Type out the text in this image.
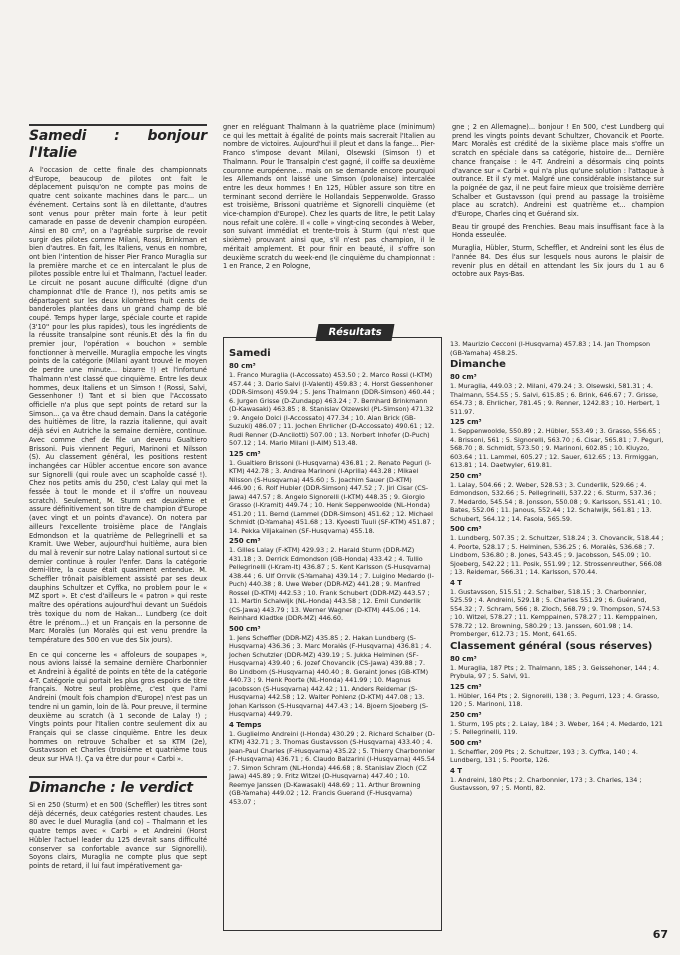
gner en reléguant Thalmann à la quatrième place (minimum) ce qui les mettait à égalité de points mais sacrerait l'Italien au nombre de victoires. Aujourd'hui il pleut et dans la fange... Pier-Franco s'impose devant Milani, Olsewski (Simson !) et Thalmann. Pour le Transalpin c'est gagné, il coiffe sa deuxième couronne européenne... mais on se demande encore pourquoi les Allemands ont laissé une Simson (polonaise) intercalée entre les deux hommes ! En 125, Hübler assure son titre en terminant second derrière le Hollandais Seppenwolde. Grasso est troisième, Brissoni quatrième et Signorelli cinquième (et vice-champion d'Europe). Chez les quarts de litre, le petit Lalay nous refait une colère. Il « colle » vingt-cinq secondes à Weber, son suivant immédiat et trente-trois à Sturm (qui n'est que sixième) prouvant ainsi que, s'il n'est pas champion, il le méritait amplement. Et pour finir en beauté, il s'offre son deuxième scratch du week-end (le cinquième du championnat : 1 en France, 2 en Pologne,

gne ; 2 en Allemagne)... bonjour ! En 500, c'est Lundberg qui prend les vingts points devant Schultzer, Chovancik et Poorte. Marc Moralès est crédité de la sixième place mais s'offre un scratch en spéciale dans sa catégorie, histoire de... Dernière chance française : le 4-T. Andreini a désormais cinq points d'avance sur « Carbi » qui n'a plus qu'une solution : l'attaque à outrance. Et il s'y met. Malgré une considérable insistance sur la poignée de gaz, il ne peut faire mieux que troisième derrière Schalber et Gustavsson (qui prend au passage la troisième place au scratch). Andreini est quatrième et... champion d'Europe, Charles cinq et Guérand six.

Beau tir groupé des Frenchies. Beau mais insuffisant face à la Honda esseulée.

Muraglia, Hübler, Sturm, Scheffler, et Andreini sont les élus de l'année 84. Des élus sur lesquels nous aurons le plaisir de revenir plus en détail en attendant les Six jours du 1 au 6 octobre aux Pays-Bas.

Samedi : bonjour l'Italie

A l'occasion de cette finale des championnats d'Europe, beaucoup de pilotes ont fait le déplacement puisqu'on ne compte pas moins de quatre cent soixante machines dans le parc... un événement. Certains sont là en dilettante, d'autres sont venus pour prêter main forte à leur petit camarade en passe de devenir champion européen. Ainsi en 80 cm³, on a l'agréable surprise de revoir surgir des pilotes comme Milani, Rossi, Brinkman et bien d'autres. En fait, les Italiens, venus en nombre, ont bien l'intention de hisser Pier Franco Muraglia sur la première marche et ce en intercalant le plus de pilotes possible entre lui et Thalmann, l'actuel leader. Le circuit ne posant aucune difficulté (digne d'un championnat d'Ile de France !), nos petits amis se départagent sur les deux kilomètres huit cents de banderoles plantées dans un grand champ de blé coupé. Temps hyper large, spéciale courte et rapide (3'10'' pour les plus rapides), tous les ingrédients de la réussite transalpine sont réunis.Et dès la fin du premier jour, l'opération « bouchon » semble fonctionner à merveille. Muraglia empoche les vingts points de la catégorie (Milani ayant trouvé le moyen de perdre une minute... bizarre !) et l'infortuné Thalmann n'est classé que cinquième. Entre les deux hommes, deux Italiens et un Simson ! (Rossi, Salvi, Gessenhoner !) Tant et si bien que l'Accossato officielle n'a plus que sept points de retard sur la Simson... ça va être chaud demain. Dans la catégorie des huitièmes de litre, la razzia italienne, qui avait déjà sévi en Autriche la semaine dernière, continue. Avec comme chef de file un devenu Gualtiero Brissoni. Puis viennent Peguri, Marinoni et Nilsson (S). Au classement général, les positions restent inchangées car Hübler accentue encore son avance sur Signorelli (qui roule avec un scaphoïde cassé !). Chez nos petits amis du 250, c'est Lalay qui met la fessée à tout le monde et il s'offre un nouveau scratch). Seulement, M. Sturm est deuxième et assure définitivement son titre de champion d'Europe (avec vingt et un points d'avance). On notera par ailleurs l'excellente troisième place de l'Anglais Edmondson et la quatrième de Pellegrinelli et sa Kramit. Uwe Weber, aujourd'hui huitième, aura bien du mal à revenir sur notre Lalay national surtout si ce dernier continue à rouler l'enfer. Dans la catégorie demi-litre, la cause était quasiment entendue. M. Scheffler trônait paisiblement assisté par ses deux dauphins Schultzer et Cyffka, no problem pour le « MZ sport ». Et c'est d'ailleurs le « patron » qui reste maître des opérations aujourd'hui devant un Suédois très toxique du nom de Hakan... Lundberg (ce doit être le prénom...) et un Français en la personne de Marc Moralès (un Moralès qui est venu prendre la température des 500 en vue des Six jours).

En ce qui concerne les « affoleurs de soupapes », nous avions laissé la semaine dernière Charbonnier et Andreini à égalité de points en tête de la catégorie 4-T. Catégorie qui portait les plus gros espoirs de titre français. Notre seul problème, c'est que l'ami Andreini (moult fois champion d'Europe) n'est pas un tendre ni un gamin, loin de là. Pour preuve, il termine deuxième au scratch (à 1 seconde de Lalay !) ; Vingts points pour l'Italien contre seulement dix au Français qui se classe cinquième. Entre les deux hommes on retrouve Schalber et sa KTM (2e), Gustavsson et Charles (troisième et quatrième tous deux sur HVA !). Ça va être dur pour « Carbi ».

Dimanche : le verdict

Si en 250 (Sturm) et en 500 (Scheffler) les titres sont déjà décernés, deux catégories restent chaudes. Les 80 avec le duel Muraglia (and co) – Thalmann et les quatre temps avec « Carbi » et Andreini (Horst Hübler l'actuel leader du 125 devrait sans difficulté conserver sa confortable avance sur Signorelli). Soyons clairs, Muraglia ne compte plus que sept points de retard, il lui faut impérativement ga-

Résultats
Samedi
80 cm³

1. Franco Muraglia (I-Accossato) 453.50 ; 2. Marco Rossi (I-KTM) 457.44 ; 3. Dario Salvi (I-Valenti) 459.83 ; 4. Horst Gessenhoner (DDR-Simson) 459.94 ; 5. Jens Thalmann (DDR-Simson) 460.44 ; 6. Jurgen Grisse (D-Zundapp) 463.24 ; 7. Bernhard Brinkmann (D-Kawasaki) 463.85 ; 8. Stanislav Olzewski (PL-Simson) 471.32 ; 9. Angelo Dolci (I-Accossato) 477.34 ; 10. Alan Brick (GB-Suzuki) 486.07 ; 11. Jochen Ehrlicher (D-Accossato) 490.61 ; 12. Rudi Renner (D-Ancilotti) 507.00 ; 13. Norbert Inhofer (D-Puch) 507.12 ; 14. Mario Milani (I-AIM) 513.48.

125 cm³

1. Gualtiero Brissoni (I-Husqvarna) 436.81 ; 2. Renato Peguri (I-KTM) 442.78 ; 3. Andrea Marinoni (I-Aprilia) 443.28 ; Mikael Nilsson (S-Husqvarna) 445.60 ; 5. Joachim Sauer (D-KTM) 446.90 ; 6. Rolf Hubler (DDR-Simson) 447.52 ; 7. Jiri Cisar (CS-Jawa) 447.57 ; 8. Angelo Signorelli (I-KTM) 448.35 ; 9. Giorgio Grasso (I-Kramit) 449.74 ; 10. Henk Seppenwoolde (NL-Honda) 451.20 ; 11. Bernd (Lammel (DDR-Simson) 451.62 ; 12. Michael Schmidt (D-Yamaha) 451.68 ; 13. Kyoesti Tuuli (SF-KTM) 451.87 ; 14. Pekka Viljakainen (SF-Husqvarna) 455.18.

250 cm³

1. Gilles Lalay (F-KTM) 429.93 ; 2. Harald Sturm (DDR-MZ) 431.18 ; 3. Derrick Edmondson (GB-Honda) 433.42 ; 4. Tullio Pellegrinelli (I-Kram-It) 436.87 ; 5. Kent Karlsson (S-Husqvarna) 438.44 ; 6. Ulf Orrvik (S-Yamaha) 439.14 ; 7. Luigino Medardo (I-Puch) 440.38 ; 8. Uwe Weber (DDR-MZ) 441.28 ; 9. Manfred Rossel (D-KTM) 442.53 ; 10. Frank Schubert (DDR-MZ) 443.57 ; 11. Martin Schalwijk (NL-Honda) 443.58 ; 12. Emil Cunderlik (CS-Jawa) 443.79 ; 13. Werner Wagner (D-KTM) 445.06 ; 14. Reinhard Kladtke (DDR-MZ) 446.60.

500 cm³

1. Jens Scheffler (DDR-MZ) 435.85 ; 2. Hakan Lundberg (S-Husqvarna) 436.36 ; 3. Marc Moralès (F-Husqvarna) 436.81 ; 4. Jochen Schutzler (DDR-MZ) 439.19 ; 5. Jukka Helminen (SF-Husqvarna) 439.40 ; 6. Jozef Chovancik (CS-Jawa) 439.88 ; 7. Bo Lindbom (S-Husqvarna) 440.40 ; 8. Geraint Jones (GB-KTM) 440.73 ; 9. Henk Poorte (NL-Honda) 441.99 ; 10. Magnus Jacobsson (S-Husqvarna) 442.42 ; 11. Anders Reidemar (S-Husqvarna) 442.58 ; 12. Walter Pohlenz (D-KTM) 447.08 ; 13. Johan Karlsson (S-Husqvarna) 447.43 ; 14. Bjoern Sjoeberg (S-Husqvarna) 449.79.

4 Temps

1. Guglielmo Andreini (I-Honda) 430.29 ; 2. Richard Schalber (D-KTM) 432.71 ; 3. Thomas Gustavsson (S-Husqvarna) 433.40 ; 4. Jean-Paul Charles (F-Husqvarna) 435.22 ; 5. Thierry Charbonnier (F-Husqvarna) 436.71 ; 6. Claudo Balzarini (I-Husqvarna) 445.54 ; 7. Simon Schram (NL-Honda) 446.68 ; 8. Stanislav Zloch (CZ Jawa) 445.89 ; 9. Fritz Witzel (D-Husqvarna) 447.40 ; 10. Reemye Janssen (D-Kawasaki) 448.69 ; 11. Arthur Browning (GB-Yamaha) 449.02 ; 12. Francis Guerand (F-Husqvarna) 453.07 ;

13. Maurizio Cecconi (I-Husqvarna) 457.83 ; 14. Jan Thompson (GB-Yamaha) 458.25.

Dimanche
80 cm³

1. Muraglia, 449.03 ; 2. Milani, 479.24 ; 3. Olsewski, 581.31 ; 4. Thalmann, 554.55 ; 5. Salvi, 615.85 ; 6. Brink, 646.67 ; 7. Grisse, 654.73 ; 8. Ehrlicher, 781.45 ; 9. Renner, 1242.83 ; 10. Herbert, 1 511.97.

125 cm³

1. Seppenwoolde, 550.89 ; 2. Hübler, 553.49 ; 3. Grasso, 556.65 ; 4. Brissoni, 561 ; 5. Signorelli, 563.70 ; 6. Cisar, 565.81 ; 7. Peguri, 568.70 ; 8. Schmidt, 573.50 ; 9. Marinoni, 602.85 ; 10. Kluyzo, 603.64 ; 11. Lammel, 605.27 ; 12. Sauer, 612.65 ; 13. Firmiggan, 613.81 ; 14. Daetwyler, 619.81.

250 cm³

1. Lalay, 504.66 ; 2. Weber, 528.53 ; 3. Cunderlik, 529.66 ; 4. Edmondson, 532.66 ; 5. Pellegrinelli, 537.22 ; 6. Sturm, 537.36 ; 7. Medardo, 545.54 ; 8. Jonsson, 550.08 ; 9. Karlsson, 551.41 ; 10. Bates, 552.06 ; 11. Janous, 552.44 ; 12. Schalwijk, 561.81 ; 13. Schubert, 564.12 ; 14. Fasola, 565.59.

500 cm³

1. Lundberg, 507.35 ; 2. Schultzer, 518.24 ; 3. Chovancik, 518.44 ; 4. Poorte, 528.17 ; 5. Helminen, 536.25 ; 6. Moralès, 536.68 ; 7. Lindbom, 536.80 ; 8. Jones, 543.45 ; 9. Jacobsson, 545.09 ; 10. Sjoeberg, 542.22 ; 11. Posik, 551.99 ; 12. Strossenreuther, 566.08 ; 13. Reidemar, 566.31 ; 14. Karlsson, 570.44.

4 T

1. Gustavsson, 515.51 ; 2. Schalber, 518.15 ; 3. Charbonnier, 525.59 ; 4. Andreini, 529.18 ; 5. Charles 551.29 ; 6. Guérand, 554.32 ; 7. Schram, 566 ; 8. Zloch, 568.79 ; 9. Thompson, 574.53 ; 10. Witzel, 578.27 ; 11. Kemppainen, 578.27 ; 11. Kemppainen, 578.72 ; 12. Browning, 580.29 ; 13. Janssen, 601.98 ; 14. Promberger, 612.73 ; 15. Mont, 641.65.

Classement général (sous réserves)
80 cm³

1. Muraglia, 187 Pts ; 2. Thalmann, 185 ; 3. Geissehoner, 144 ; 4. Prybula, 97 ; 5. Salvi, 91.

125 cm³

1. Hübler, 164 Pts ; 2. Signorelli, 138 ; 3. Pegurri, 123 ; 4. Grasso, 120 ; 5. Marinoni, 118.

250 cm³

1. Sturm, 195 pts ; 2. Lalay, 184 ; 3. Weber, 164 ; 4. Medardo, 121 ; 5. Pellegrinelli, 119.

500 cm³

1. Scheffler, 209 Pts ; 2. Schultzer, 193 ; 3. Cyffka, 140 ; 4. Lundberg, 131 ; 5. Poorte, 126.

4 T

1. Andreini, 180 Pts ; 2. Charbonnier, 173 ; 3. Charles, 134 ; Gustavsson, 97 ; 5. Monti, 82.

67
